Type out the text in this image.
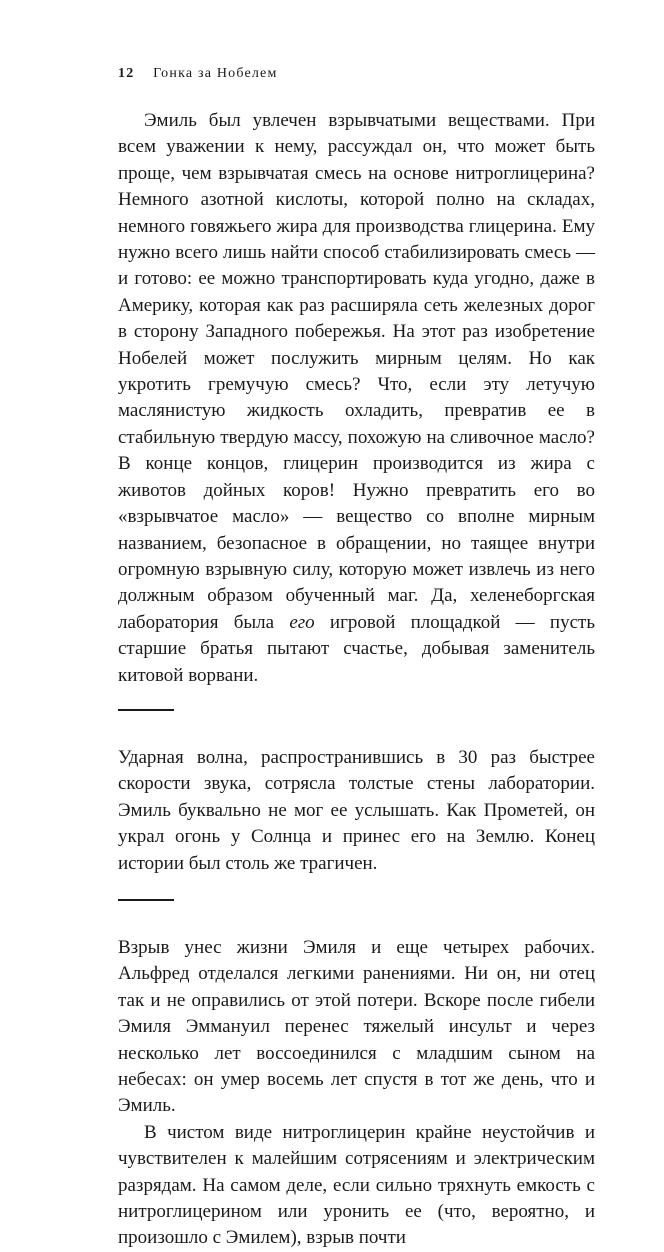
12 Гонка за Нобелем

Эмиль был увлечен взрывчатыми веществами. При всем уважении к нему, рассуждал он, что может быть проще, чем взрывчатая смесь на основе нитроглицерина? Немного азотной кислоты, которой полно на складах, немного говяжьего жира для производства глицерина. Ему нужно всего лишь найти способ стабилизировать смесь — и готово: ее можно транспортировать куда угодно, даже в Америку, которая как раз расширяла сеть железных дорог в сторону Западного побережья. На этот раз изобретение Нобелей может послужить мирным целям. Но как укротить гремучую смесь? Что, если эту летучую маслянистую жидкость охладить, превратив ее в стабильную твердую массу, похожую на сливочное масло? В конце концов, глицерин производится из жира с животов дойных коров! Нужно превратить его во «взрывчатое масло» — вещество со вполне мирным названием, безопасное в обращении, но таящее внутри огромную взрывную силу, которую может извлечь из него должным образом обученный маг. Да, хеленеборгская лаборатория была его игровой площадкой — пусть старшие братья пытают счастье, добывая заменитель китовой ворвани.

Ударная волна, распространившись в 30 раз быстрее скорости звука, сотрясла толстые стены лаборатории. Эмиль буквально не мог ее услышать. Как Прометей, он украл огонь у Солнца и принес его на Землю. Конец истории был столь же трагичен.

Взрыв унес жизни Эмиля и еще четырех рабочих. Альфред отделался легкими ранениями. Ни он, ни отец так и не оправились от этой потери. Вскоре после гибели Эмиля Эммануил перенес тяжелый инсульт и через несколько лет воссоединился с младшим сыном на небесах: он умер восемь лет спустя в тот же день, что и Эмиль.

В чистом виде нитроглицерин крайне неустойчив и чувствителен к малейшим сотрясениям и электрическим разрядам. На самом деле, если сильно тряхнуть емкость с нитроглицерином или уронить ее (что, вероятно, и произошло с Эмилем), взрыв почти
